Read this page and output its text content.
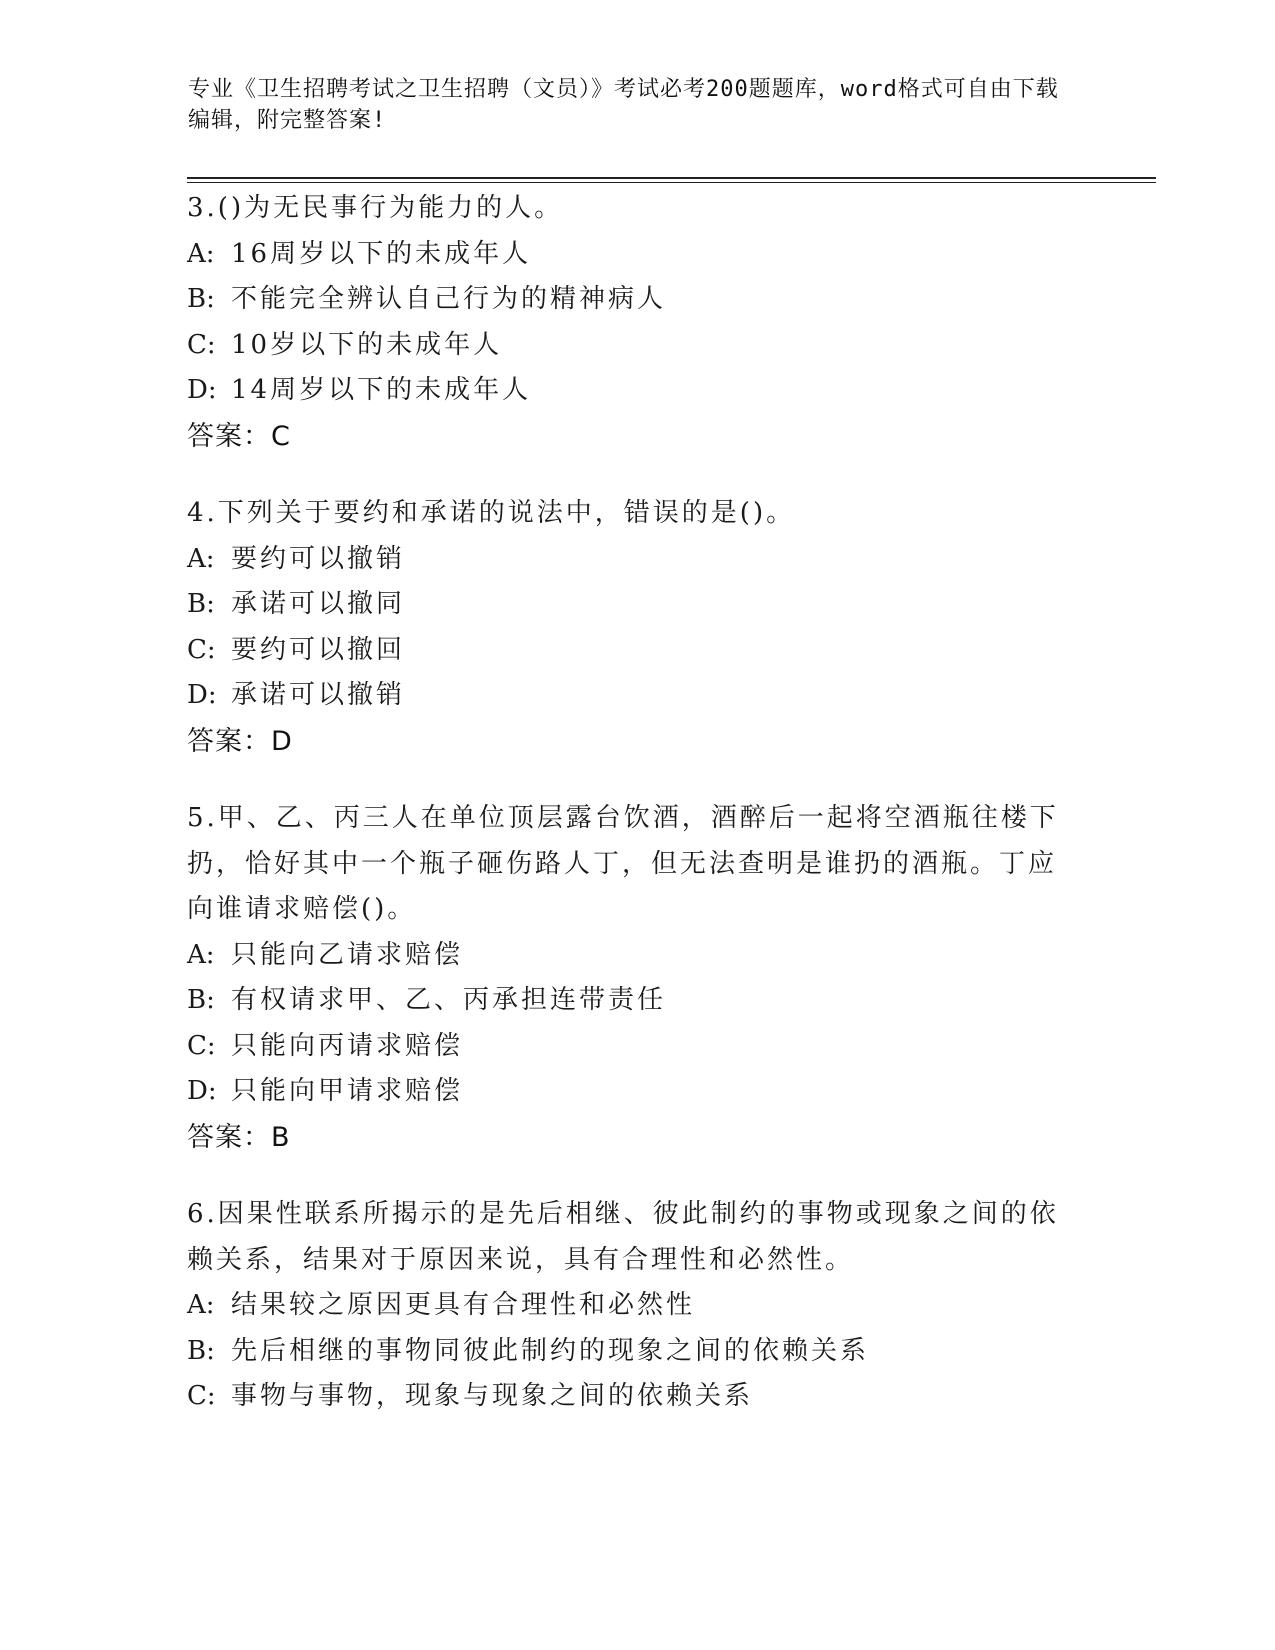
专业《卫生招聘考试之卫生招聘（文员）》考试必考200题题库，word格式可自由下载编辑，附完整答案!

3.()为无民事行为能力的人。

A: 16周岁以下的未成年人

B: 不能完全辨认自己行为的精神病人

C: 10岁以下的未成年人

D: 14周岁以下的未成年人

答案：C

4.下列关于要约和承诺的说法中，错误的是()。

A: 要约可以撤销

B: 承诺可以撤同

C: 要约可以撤回

D: 承诺可以撤销

答案：D

5.甲、乙、丙三人在单位顶层露台饮酒，酒醉后一起将空酒瓶往楼下扔，恰好其中一个瓶子砸伤路人丁，但无法查明是谁扔的酒瓶。丁应向谁请求赔偿()。

A: 只能向乙请求赔偿

B: 有权请求甲、乙、丙承担连带责任

C: 只能向丙请求赔偿

D: 只能向甲请求赔偿

答案：B

6.因果性联系所揭示的是先后相继、彼此制约的事物或现象之间的依赖关系，结果对于原因来说，具有合理性和必然性。

A: 结果较之原因更具有合理性和必然性

B: 先后相继的事物同彼此制约的现象之间的依赖关系

C: 事物与事物，现象与现象之间的依赖关系
